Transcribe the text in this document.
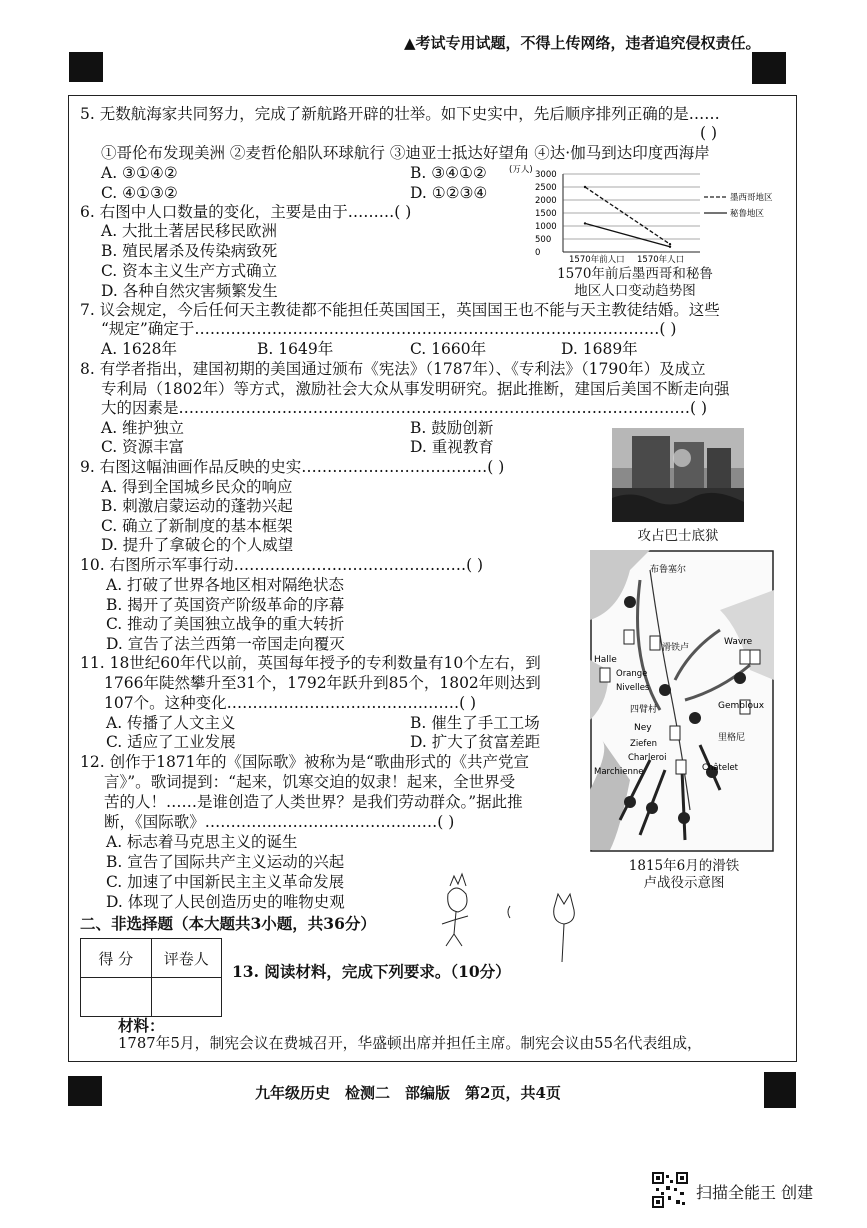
▲考试专用试题，不得上传网络，违者追究侵权责任。
5. 无数航海家共同努力，完成了新航路开辟的壮举。如下史实中，先后顺序排列正确的是……
( )
①哥伦布发现美洲 ②麦哲伦船队环球航行 ③迪亚士抵达好望角 ④达·伽马到达印度西海岸
A. ③①④②	B. ③④①②
C. ④①③②	D. ①②③④
6. 右图中人口数量的变化，主要是由于………( )
A. 大批土著居民移民欧洲
B. 殖民屠杀及传染病致死
C. 资本主义生产方式确立
D. 各种自然灾害频繁发生
(万人) 3000
2500
2000
1500
1000
500
0
1570年前人口 1570年人口
墨西哥地区
秘鲁地区
1570年前后墨西哥和秘鲁地区人口变动趋势图
7. 议会规定，今后任何天主教徒都不能担任英国国王，英国国王也不能与天主教徒结婚。这些
“规定”确定于………………………………………………………………………………( )
A. 1628年	B. 1649年	C. 1660年	D. 1689年
8. 有学者指出，建国初期的美国通过颁布《宪法》（1787年）、《专利法》（1790年）及成立
专利局（1802年）等方式，激励社会大众从事发明研究。据此推断，建国后美国不断走向强
大的因素是………………………………………………………………………………………( )
A. 维护独立	B. 鼓励创新
C. 资源丰富	D. 重视教育
攻占巴士底狱
9. 右图这幅油画作品反映的史实………………………………( )
A. 得到全国城乡民众的响应
B. 刺激启蒙运动的蓬勃兴起
C. 确立了新制度的基本框架
D. 提升了拿破仑的个人威望
10. 右图所示军事行动………………………………………( )
A. 打破了世界各地区相对隔绝状态
B. 揭开了英国资产阶级革命的序幕
C. 推动了美国独立战争的重大转折
D. 宣告了法兰西第一帝国走向覆灭
布鲁塞尔
Halle
滑铁卢
Wavre
Orange
Nivelles
四臂村	Gembloux
Ney
里格尼
Ziefen
Charleroi
Marchienne	Châtelet
1815年6月的滑铁
卢战役示意图
11. 18世纪60年代以前，英国每年授予的专利数量有10个左右，到
1766年陡然攀升至31个，1792年跃升到85个，1802年则达到
107个。这种变化………………………………………( )
A. 传播了人文主义	B. 催生了手工工场
C. 适应了工业发展	D. 扩大了贫富差距
12. 创作于1871年的《国际歌》被称为是“歌曲形式的《共产党宣
言》”。歌词提到：“起来，饥寒交迫的奴隶！起来，全世界受
苦的人！……是谁创造了人类世界？是我们劳动群众。”据此推
断，《国际歌》………………………………………( )
A. 标志着马克思主义的诞生
B. 宣告了国际共产主义运动的兴起
C. 加速了中国新民主主义革命发展
D. 体现了人民创造历史的唯物史观
二、非选择题（本大题共3小题，共36分）
得 分	评卷人

13. 阅读材料，完成下列要求。（10分）
材料：
1787年5月，制宪会议在费城召开，华盛顿出席并担任主席。制宪会议由55名代表组成，
九年级历史　检测二　部编版　第2页，共4页
扫描全能王 创建
